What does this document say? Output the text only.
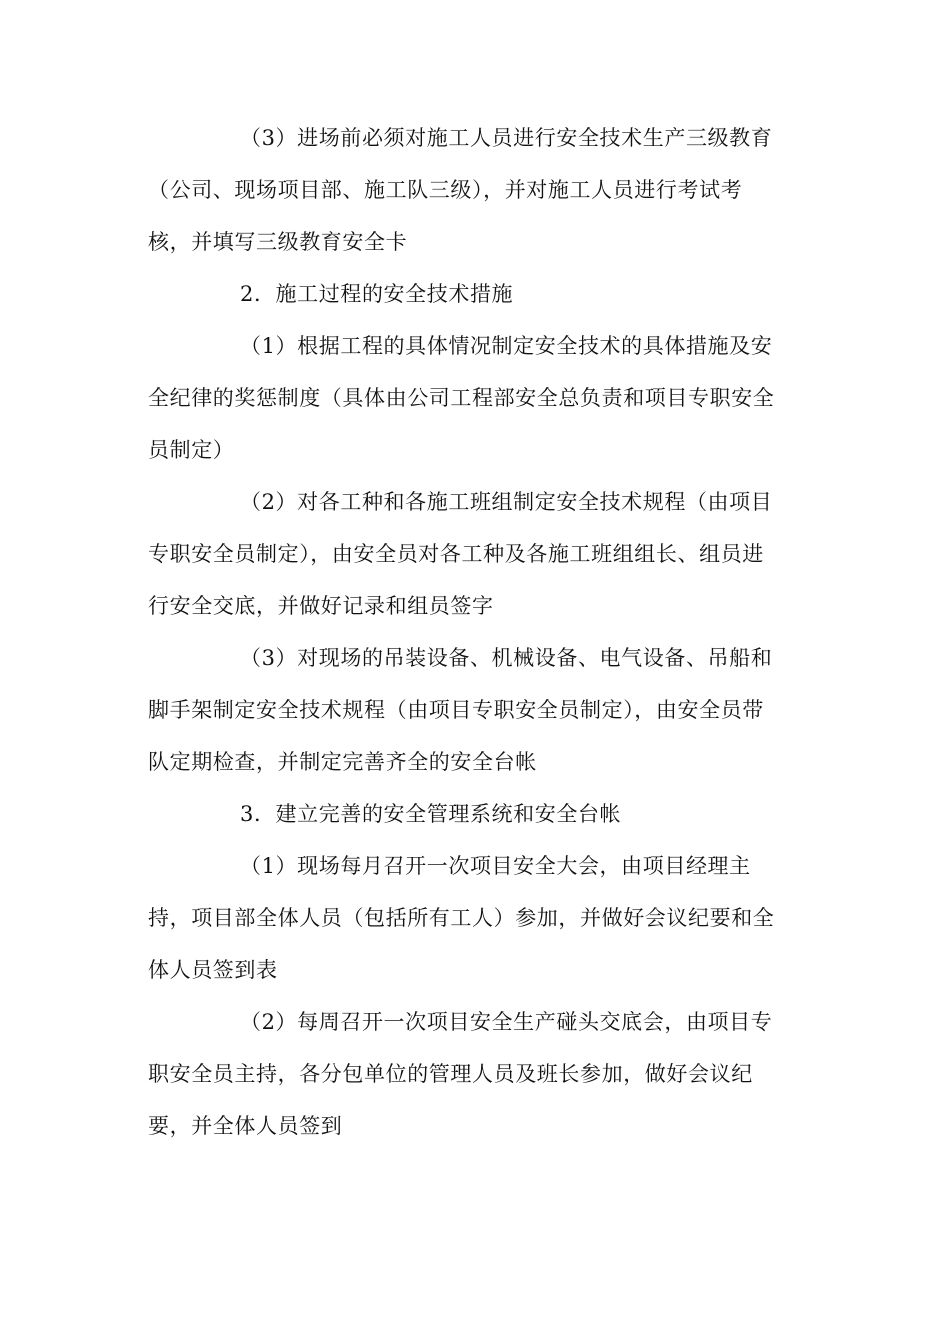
（3）进场前必须对施工人员进行安全技术生产三级教育
（公司、现场项目部、施工队三级），并对施工人员进行考试考
核，并填写三级教育安全卡

2．施工过程的安全技术措施

（1）根据工程的具体情况制定安全技术的具体措施及安
全纪律的奖惩制度（具体由公司工程部安全总负责和项目专职安全
员制定）

（2）对各工种和各施工班组制定安全技术规程（由项目
专职安全员制定），由安全员对各工种及各施工班组组长、组员进
行安全交底，并做好记录和组员签字

（3）对现场的吊装设备、机械设备、电气设备、吊船和
脚手架制定安全技术规程（由项目专职安全员制定），由安全员带
队定期检查，并制定完善齐全的安全台帐

3．建立完善的安全管理系统和安全台帐

（1）现场每月召开一次项目安全大会，由项目经理主
持，项目部全体人员（包括所有工人）参加，并做好会议纪要和全
体人员签到表

（2）每周召开一次项目安全生产碰头交底会，由项目专
职安全员主持，各分包单位的管理人员及班长参加，做好会议纪
要，并全体人员签到
